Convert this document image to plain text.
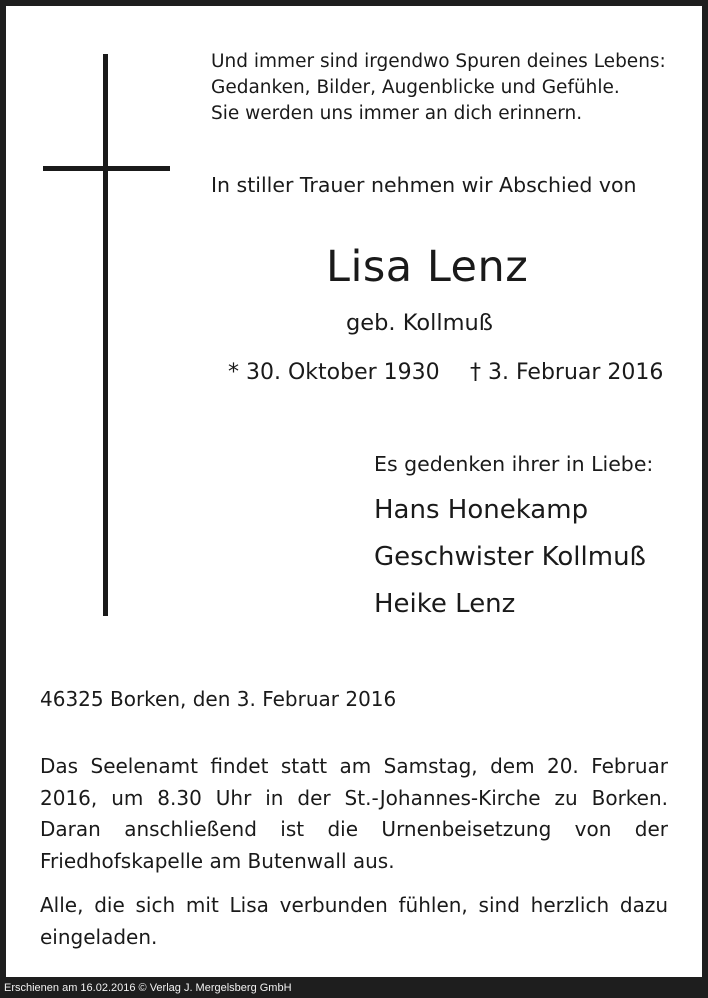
Und immer sind irgendwo Spuren deines Lebens:
Gedanken, Bilder, Augenblicke und Gefühle.
Sie werden uns immer an dich erinnern.
In stiller Trauer nehmen wir Abschied von
Lisa Lenz
geb. Kollmuß
* 30. Oktober 1930 † 3. Februar 2016
Es gedenken ihrer in Liebe:
Hans Honekamp
Geschwister Kollmuß
Heike Lenz
46325 Borken, den 3. Februar 2016
Das Seelenamt findet statt am Samstag, dem 20. Februar 2016, um 8.30 Uhr in der St.-Johannes-Kirche zu Borken. Daran anschließend ist die Urnenbeisetzung von der Friedhofskapelle am Butenwall aus.
Alle, die sich mit Lisa verbunden fühlen, sind herzlich dazu eingeladen.
Erschienen am 16.02.2016 © Verlag J. Mergelsberg GmbH
